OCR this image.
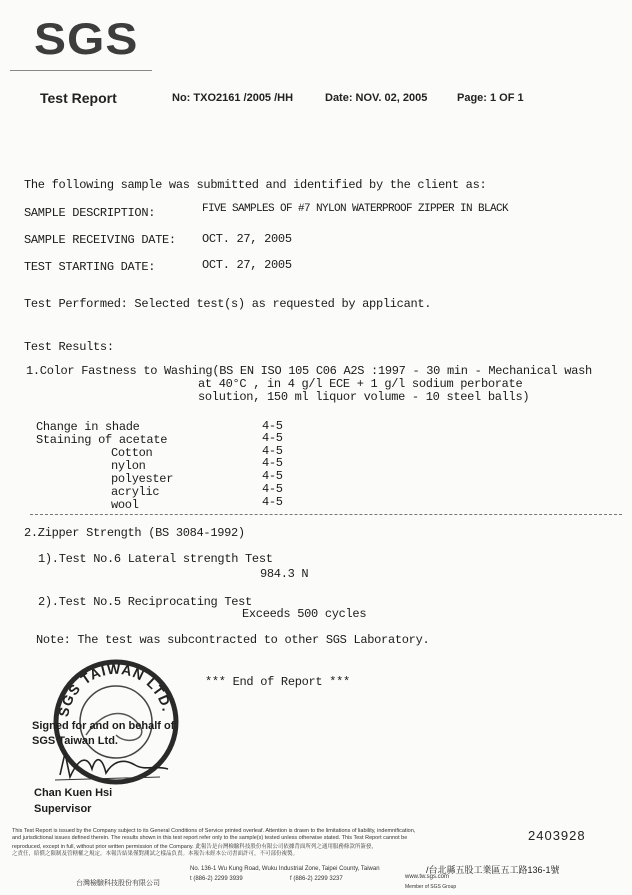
SGS
Test Report	No: TXO2161 /2005 /HH	Date: NOV. 02, 2005	Page: 1 OF 1
The following sample was submitted and identified by the client as:
SAMPLE DESCRIPTION:	FIVE SAMPLES OF #7 NYLON WATERPROOF ZIPPER IN BLACK
SAMPLE RECEIVING DATE: OCT. 27, 2005
TEST STARTING DATE:	OCT. 27, 2005
Test Performed: Selected test(s) as requested by applicant.
Test Results:
1.Color Fastness to Washing(BS EN ISO 105 C06 A2S :1997 - 30 min - Mechanical wash
at 40°C , in 4 g/l ECE + 1 g/l sodium perborate
solution, 150 ml liquor volume - 10 steel balls)
Change in shade	4-5
Staining of acetate	4-5
Cotton	4-5
nylon	4-5
polyester	4-5
acrylic	4-5
wool	4-5
2.Zipper Strength (BS 3084-1992)
1).Test No.6 Lateral strength Test
984.3 N
2).Test No.5 Reciprocating Test
Exceeds 500 cycles
Note: The test was subcontracted to other SGS Laboratory.
*** End of Report ***
SGS TAIWAN LTD.
Signed for and on behalf of
SGS Taiwan Ltd.
Chan Kuen Hsi
Supervisor
This Test Report is issued by the Company subject to its General Conditions of Service printed overleaf. Attention is drawn to the limitations of liability, indemnification,
and jurisdictional issues defined therein. The results shown in this test report refer only to the sample(s) tested unless otherwise stated. This Test Report cannot be
reproduced, except in full, without prior written permission of the Company. 此報告是台灣檢驗科技股份有限公司依據背面所列之通用服務條款所簽發，
之責任，賠償之限制及管轄權之規定。本報告結果僅對測試之樣品負責。本報告未經本公司書面許可，不可部份複製。
2403928
No. 136-1 Wu Kung Road, Wuku Industrial Zone, Taipei County, Taiwan	/台北縣五股工業區五工路136-1號
台灣檢驗科技股份有限公司
t (886-2) 2299 3939	f (886-2) 2299 3237	www.tw.sgs.com
Member of SGS Group
